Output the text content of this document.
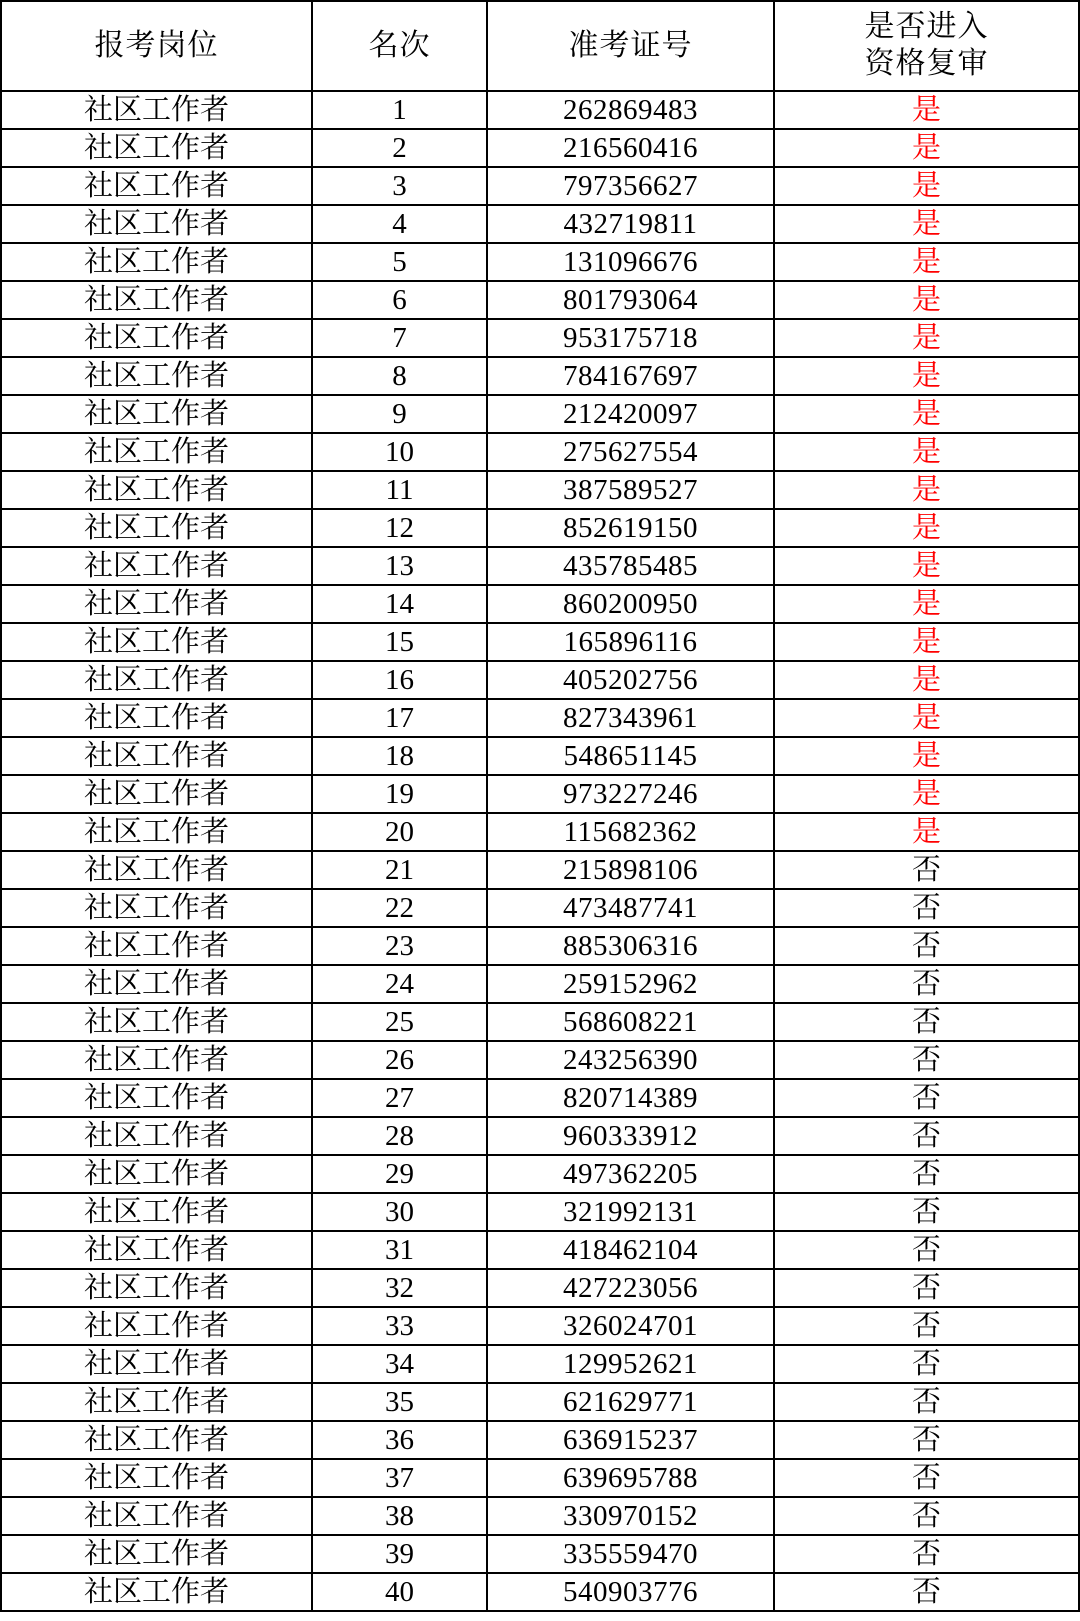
报考岗位	名次	准考证号	是否进入
资格复审

社区工作者	1	262869483	是
社区工作者	2	216560416	是
社区工作者	3	797356627	是
社区工作者	4	432719811	是
社区工作者	5	131096676	是
社区工作者	6	801793064	是
社区工作者	7	953175718	是
社区工作者	8	784167697	是
社区工作者	9	212420097	是
社区工作者	10	275627554	是
社区工作者	11	387589527	是
社区工作者	12	852619150	是
社区工作者	13	435785485	是
社区工作者	14	860200950	是
社区工作者	15	165896116	是
社区工作者	16	405202756	是
社区工作者	17	827343961	是
社区工作者	18	548651145	是
社区工作者	19	973227246	是
社区工作者	20	115682362	是
社区工作者	21	215898106	否
社区工作者	22	473487741	否
社区工作者	23	885306316	否
社区工作者	24	259152962	否
社区工作者	25	568608221	否
社区工作者	26	243256390	否
社区工作者	27	820714389	否
社区工作者	28	960333912	否
社区工作者	29	497362205	否
社区工作者	30	321992131	否
社区工作者	31	418462104	否
社区工作者	32	427223056	否
社区工作者	33	326024701	否
社区工作者	34	129952621	否
社区工作者	35	621629771	否
社区工作者	36	636915237	否
社区工作者	37	639695788	否
社区工作者	38	330970152	否
社区工作者	39	335559470	否
社区工作者	40	540903776	否
